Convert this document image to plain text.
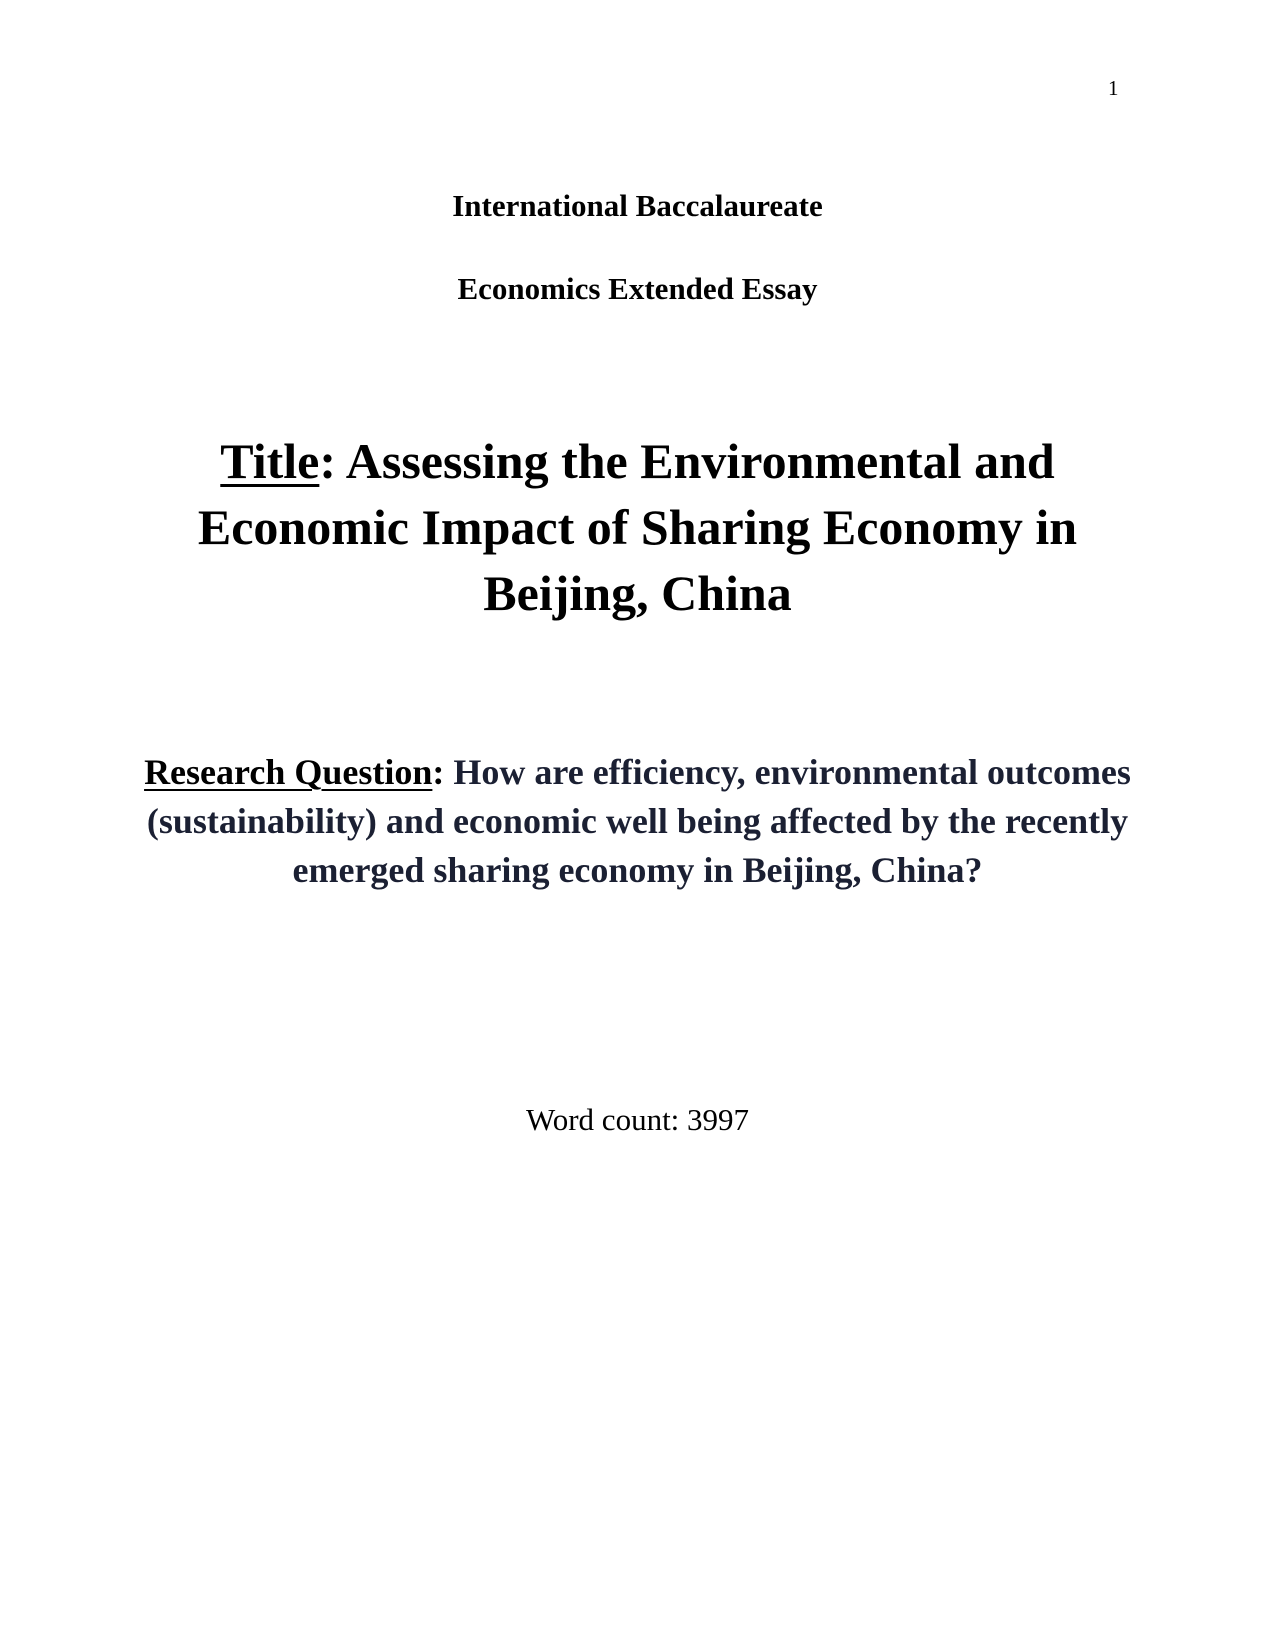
1
International Baccalaureate
Economics Extended Essay
Title: Assessing the Environmental and Economic Impact of Sharing Economy in Beijing, China
Research Question: How are efficiency, environmental outcomes (sustainability) and economic well being affected by the recently emerged sharing economy in Beijing, China?
Word count: 3997
